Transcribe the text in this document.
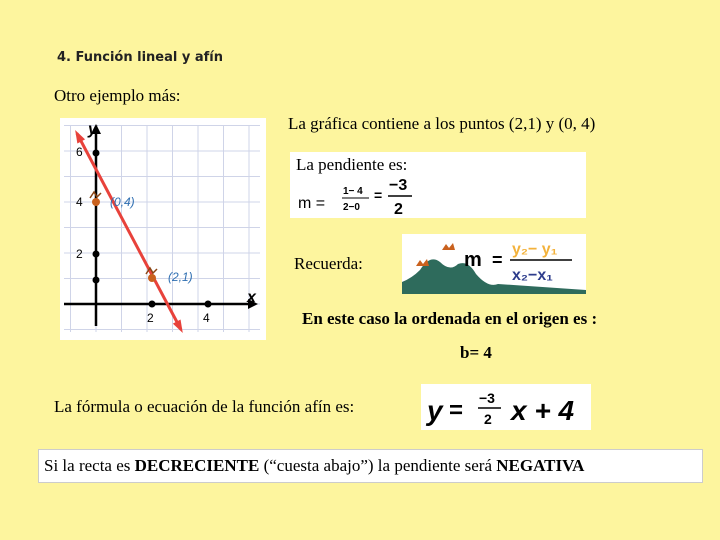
4. Función lineal y afín
Otro ejemplo más:
y
x
6
4
2
2	4
(0,4)
(2,1)
La gráfica contiene a los puntos (2,1) y (0, 4)
La pendiente es:
m =
1− 4
2−0
=
−3
2
Recuerda:	m =
y₂− y₁
x₂−x₁
En este caso la ordenada en el origen es :
b= 4
La fórmula o ecuación de la función afín es:	y = −3
2 x + 4
Si la recta es DECRECIENTE (“cuesta abajo”) la pendiente será NEGATIVA
